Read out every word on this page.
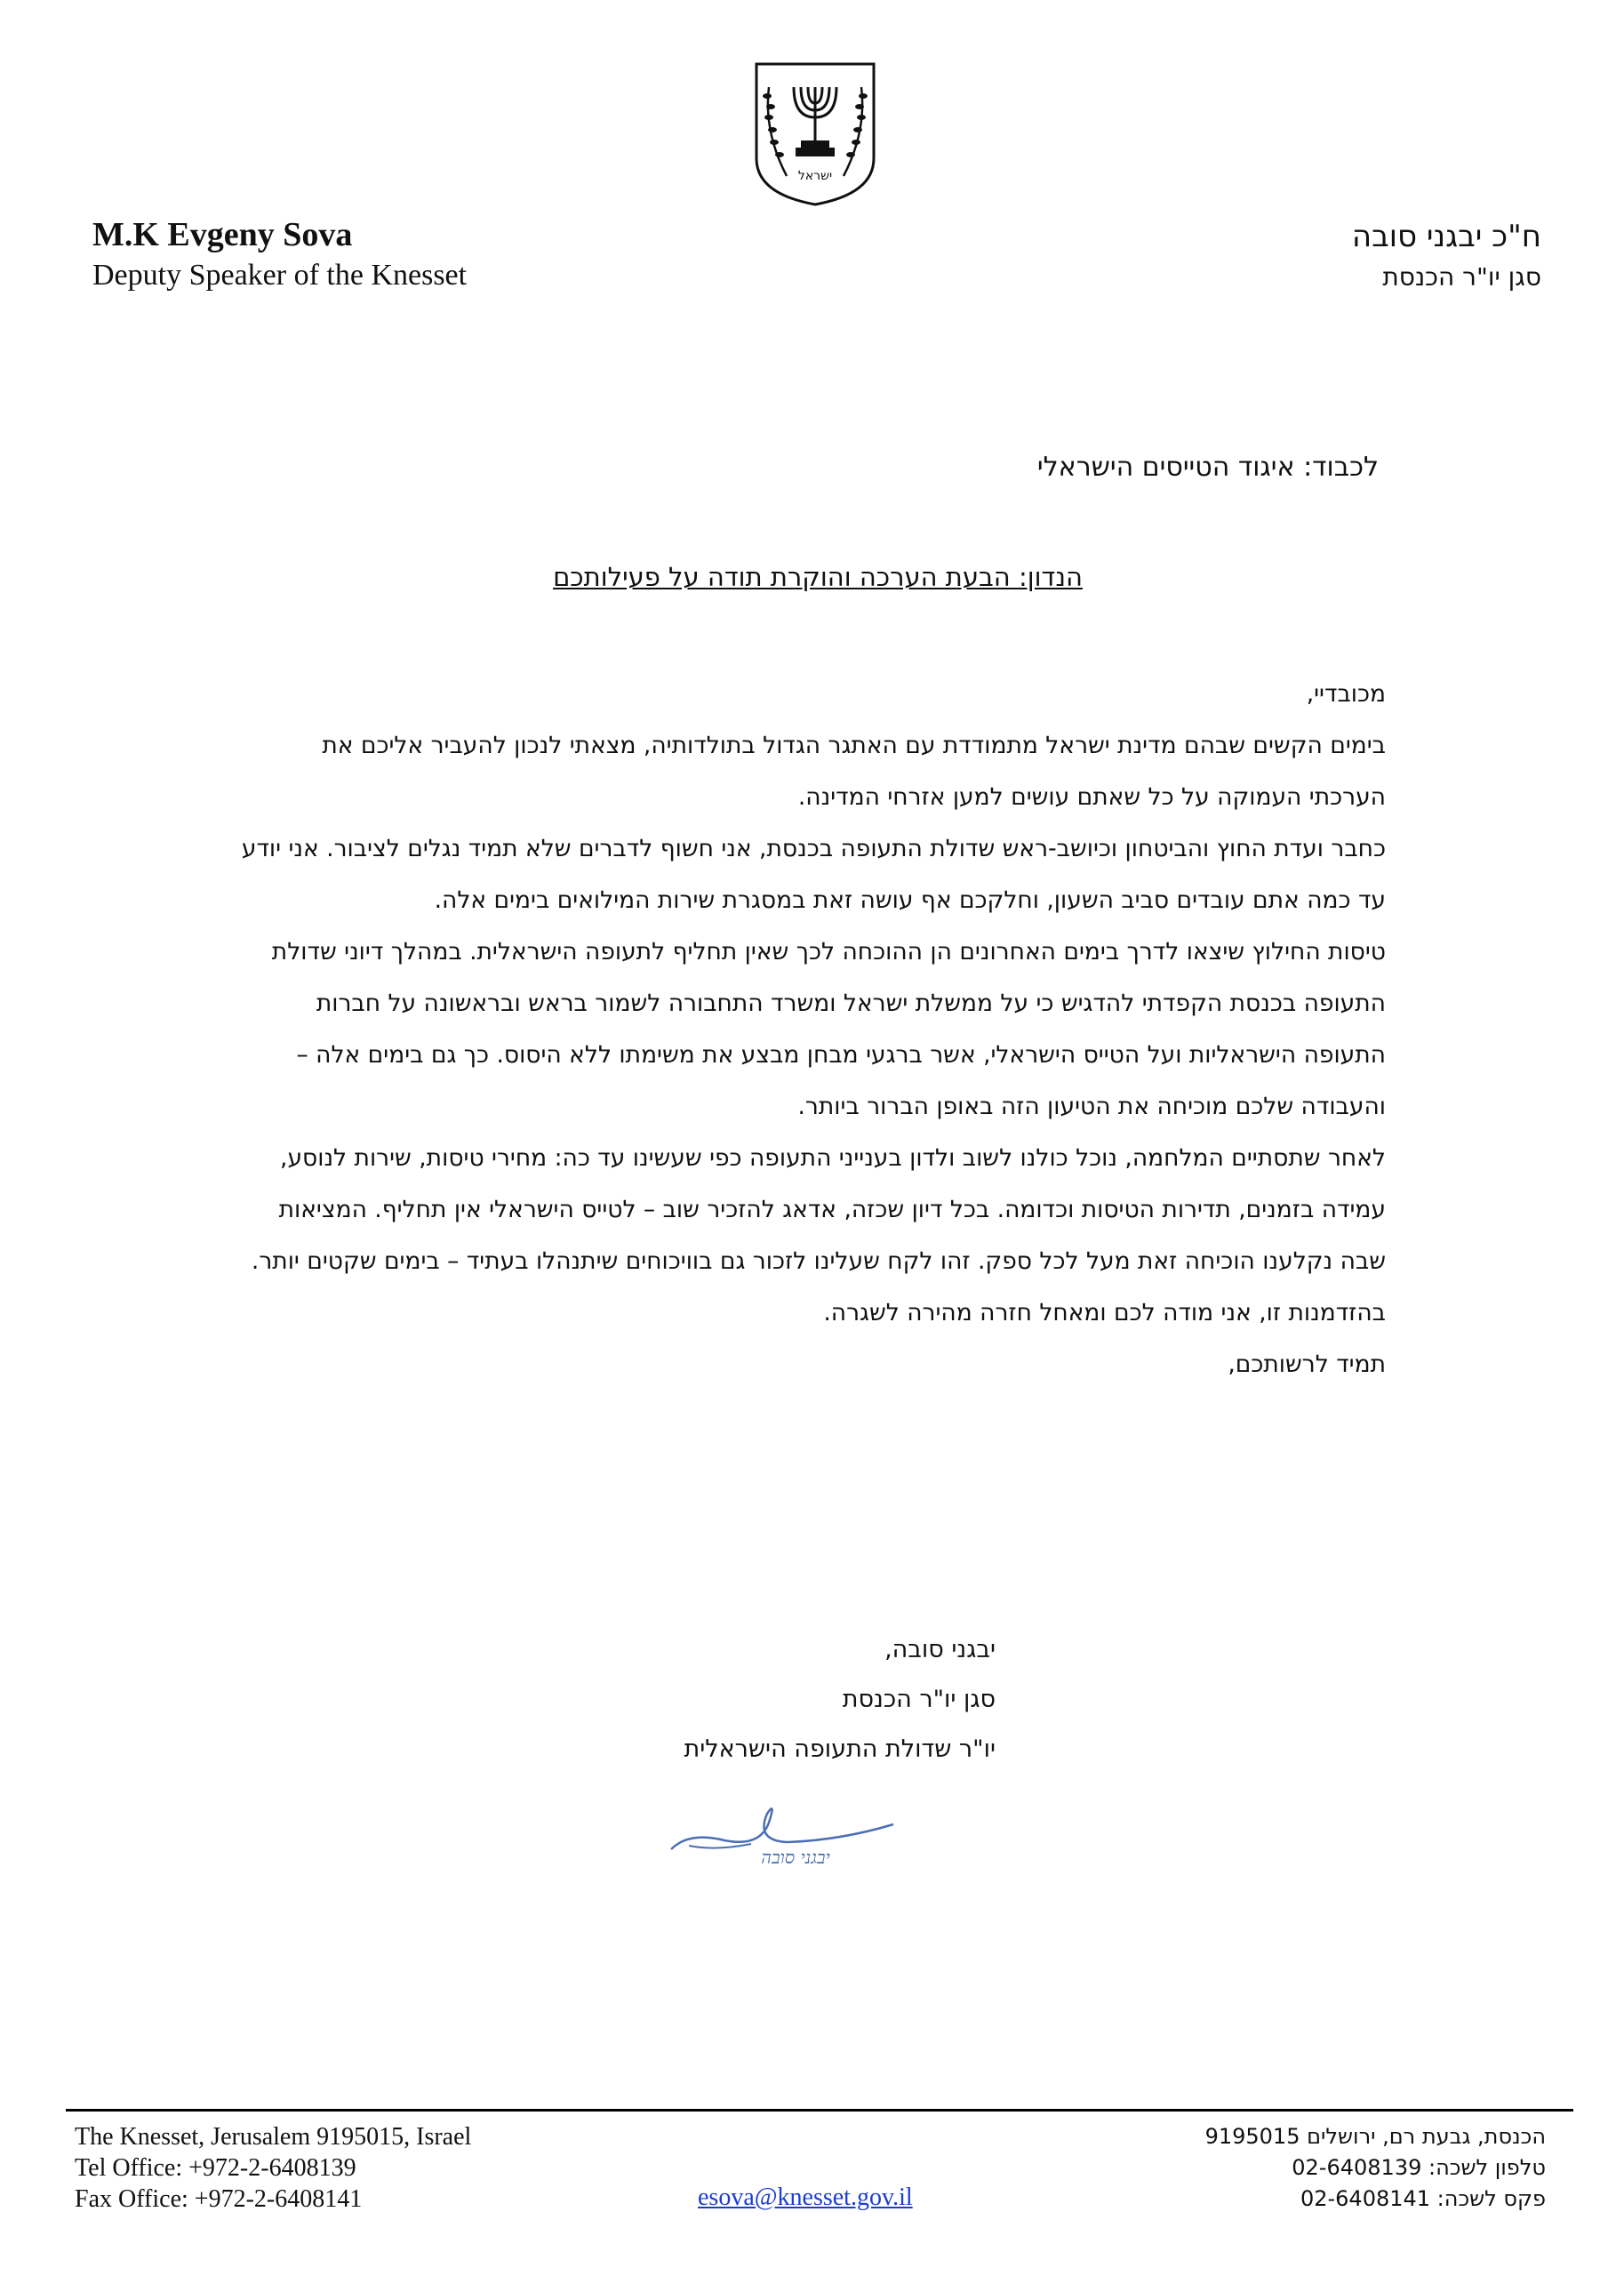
ישראל
M.K Evgeny Sova
Deputy Speaker of the Knesset
ח"כ יבגני סובה
סגן יו"ר הכנסת
לכבוד: איגוד הטייסים הישראלי
הנדון: הבעת הערכה והוקרת תודה על פעילותכם

מכובדיי,

בימים הקשים שבהם מדינת ישראל מתמודדת עם האתגר הגדול בתולדותיה, מצאתי לנכון להעביר אליכם את הערכתי העמוקה על כל שאתם עושים למען אזרחי המדינה.

כחבר ועדת החוץ והביטחון וכיושב-ראש שדולת התעופה בכנסת, אני חשוף לדברים שלא תמיד נגלים לציבור. אני יודע עד כמה אתם עובדים סביב השעון, וחלקכם אף עושה זאת במסגרת שירות המילואים בימים אלה.

טיסות החילוץ שיצאו לדרך בימים האחרונים הן ההוכחה לכך שאין תחליף לתעופה הישראלית. במהלך דיוני שדולת התעופה בכנסת הקפדתי להדגיש כי על ממשלת ישראל ומשרד התחבורה לשמור בראש ובראשונה על חברות התעופה הישראליות ועל הטייס הישראלי, אשר ברגעי מבחן מבצע את משימתו ללא היסוס. כך גם בימים אלה – והעבודה שלכם מוכיחה את הטיעון הזה באופן הברור ביותר.

לאחר שתסתיים המלחמה, נוכל כולנו לשוב ולדון בענייני התעופה כפי שעשינו עד כה: מחירי טיסות, שירות לנוסע, עמידה בזמנים, תדירות הטיסות וכדומה. בכל דיון שכזה, אדאג להזכיר שוב – לטייס הישראלי אין תחליף. המציאות שבה נקלענו הוכיחה זאת מעל לכל ספק. זהו לקח שעלינו לזכור גם בוויכוחים שיתנהלו בעתיד – בימים שקטים יותר.

בהזדמנות זו, אני מודה לכם ומאחל חזרה מהירה לשגרה.

תמיד לרשותכם,

יבגני סובה,
סגן יו"ר הכנסת
יו"ר שדולת התעופה הישראלית
יבגני סובה
The Knesset, Jerusalem 9195015, Israel
Tel Office: +972-2-6408139
Fax Office: +972-2-6408141	esova@knesset.gov.il
הכנסת, גבעת רם, ירושלים 9195015
טלפון לשכה: 02-6408139
פקס לשכה: 02-6408141
